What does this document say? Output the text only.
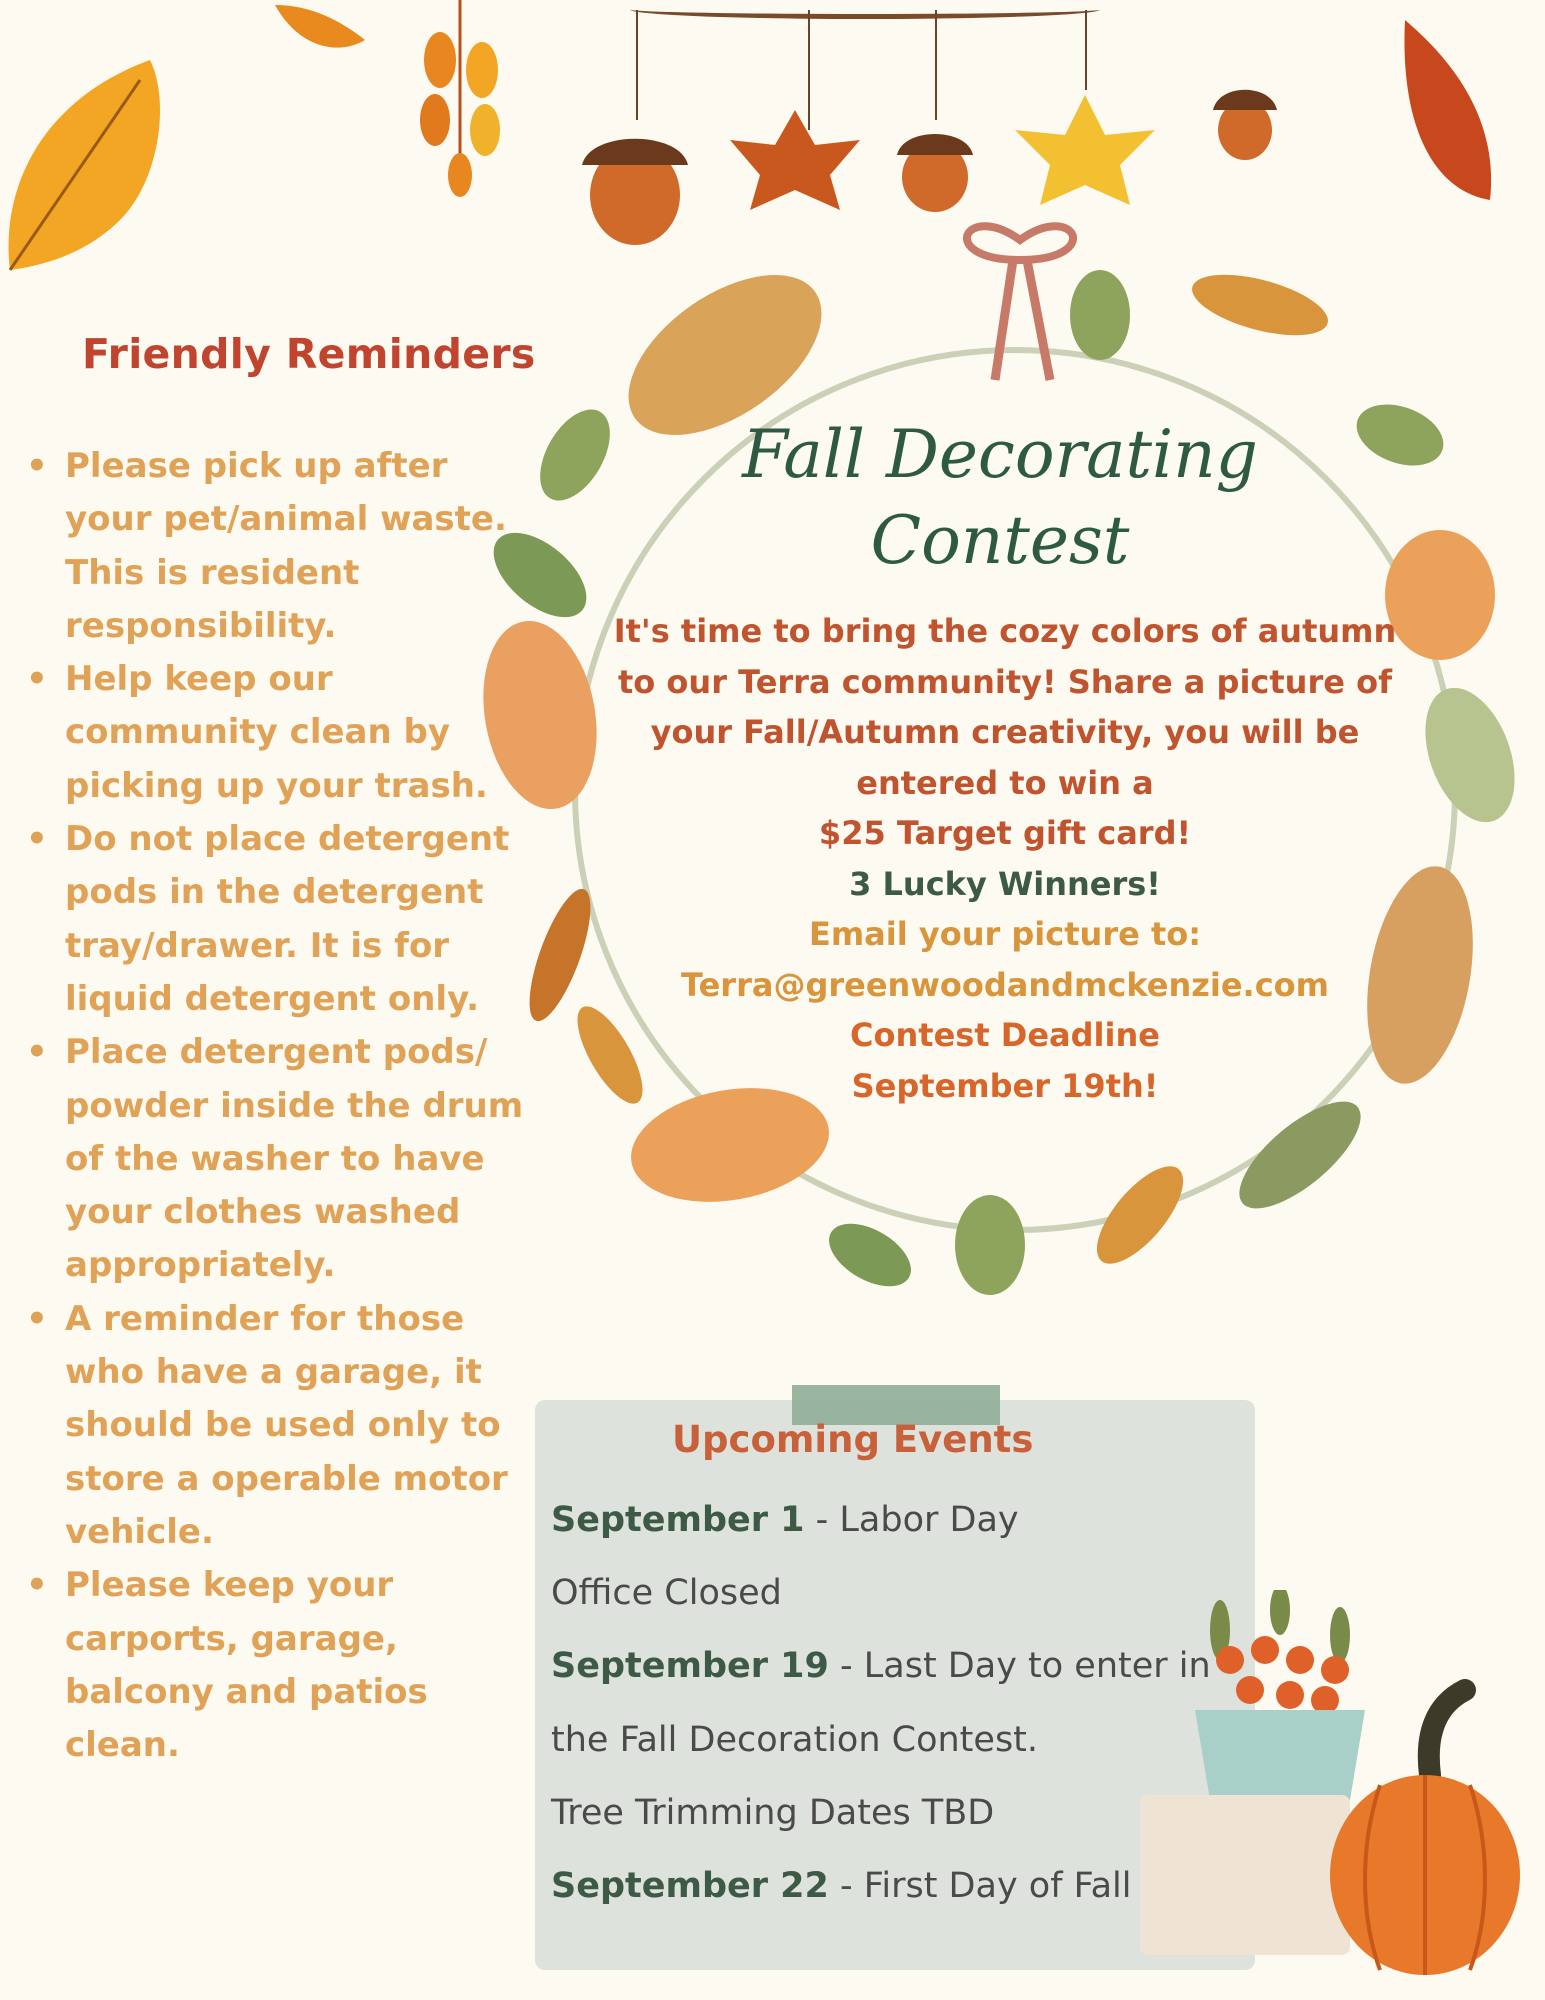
Friendly Reminders
• Please pick up after your pet/animal waste. This is resident responsibility.
• Help keep our community clean by picking up your trash.
• Do not place detergent pods in the detergent tray/drawer. It is for liquid detergent only.
• Place detergent pods/ powder inside the drum of the washer to have your clothes washed appropriately.
• A reminder for those who have a garage, it should be used only to store a operable motor vehicle.
• Please keep your carports, garage, balcony and patios clean.
Fall Decorating
Contest
It's time to bring the cozy colors of autumn
to our Terra community! Share a picture of
your Fall/Autumn creativity, you will be
entered to win a
$25 Target gift card!
3 Lucky Winners!
Email your picture to:
Terra@greenwoodandmckenzie.com
Contest Deadline
September 19th!
Upcoming Events
September 1 - Labor Day
Office Closed
September 19 - Last Day to enter in
the Fall Decoration Contest.
Tree Trimming Dates TBD
September 22 - First Day of Fall
